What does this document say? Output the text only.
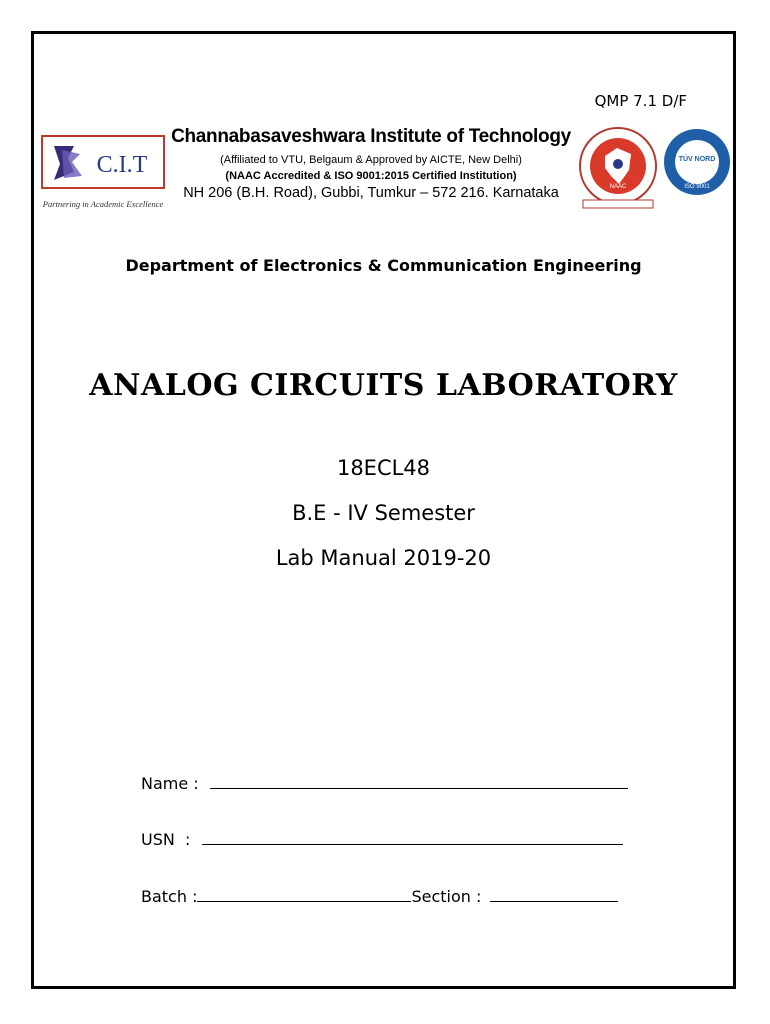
QMP 7.1 D/F
C.I.T
Partnering in Academic Excellence
Channabasaveshwara Institute of Technology
(Affiliated to VTU, Belgaum & Approved by AICTE, New Delhi)
(NAAC Accredited & ISO 9001:2015 Certified Institution)
NH 206 (B.H. Road), Gubbi, Tumkur – 572 216. Karnataka	NAAC
TÜV NORD
ISO 9001
Department of Electronics & Communication Engineering
ANALOG CIRCUITS LABORATORY
18ECL48
B.E - IV Semester
Lab Manual 2019-20
Name :
USN  :
Batch :	Section :
